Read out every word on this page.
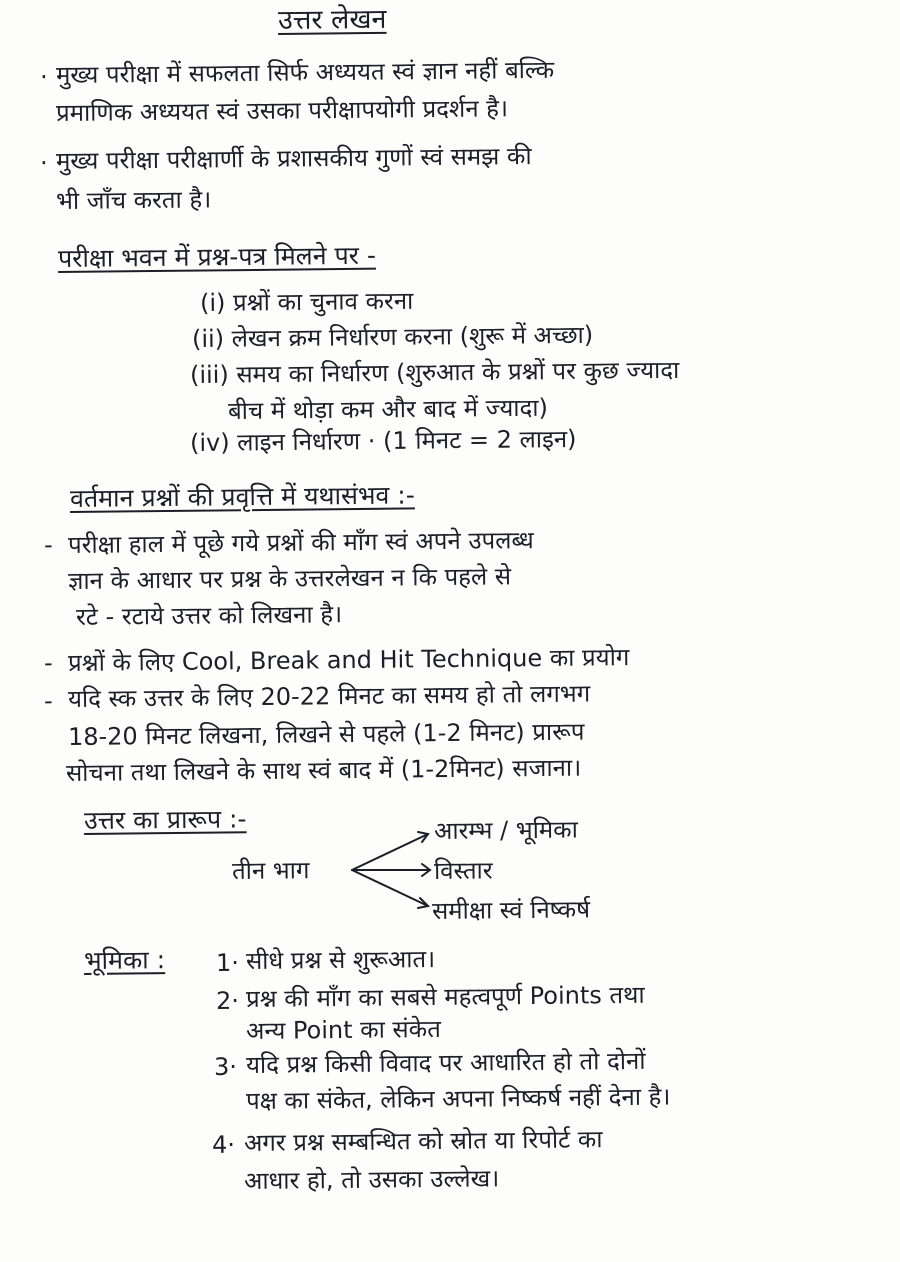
उत्तर लेखन
· मुख्य परीक्षा में सफलता सिर्फ अध्ययत स्वं ज्ञान नहीं बल्कि
प्रमाणिक अध्ययत स्वं उसका परीक्षापयोगी प्रदर्शन है।
· मुख्य परीक्षा परीक्षार्णी के प्रशासकीय गुणों स्वं समझ की
भी जाँच करता है।
परीक्षा भवन में प्रश्न-पत्र मिलने पर -
(i) प्रश्नों का चुनाव करना
(ii) लेखन क्रम निर्धारण करना (शुरू में अच्छा)
(iii) समय का निर्धारण (शुरुआत के प्रश्नों पर कुछ ज्यादा
बीच में थोड़ा कम और बाद में ज्यादा)
(iv) लाइन निर्धारण · (1 मिनट = 2 लाइन)
वर्तमान प्रश्नों की प्रवृत्ति में यथासंभव :-
- परीक्षा हाल में पूछे गये प्रश्नों की माँग स्वं अपने उपलब्ध
ज्ञान के आधार पर प्रश्न के उत्तरलेखन न कि पहले से
रटे - रटाये उत्तर को लिखना है।
- प्रश्नों के लिए Cool, Break and Hit Technique का प्रयोग
- यदि स्क उत्तर के लिए 20-22 मिनट का समय हो तो लगभग
18-20 मिनट लिखना, लिखने से पहले (1-2 मिनट) प्रारूप
सोचना तथा लिखने के साथ स्वं बाद में (1-2मिनट) सजाना।
उत्तर का प्रारूप :-
तीन भाग
आरम्भ / भूमिका
विस्तार
समीक्षा स्वं निष्कर्ष
भूमिका : 1· सीधे प्रश्न से शुरूआत।
2· प्रश्न की माँग का सबसे महत्वपूर्ण Points तथा
अन्य Point का संकेत
3· यदि प्रश्न किसी विवाद पर आधारित हो तो दोनों
पक्ष का संकेत, लेकिन अपना निष्कर्ष नहीं देना है।
4· अगर प्रश्न सम्बन्धित को स्रोत या रिपोर्ट का
आधार हो, तो उसका उल्लेख।
